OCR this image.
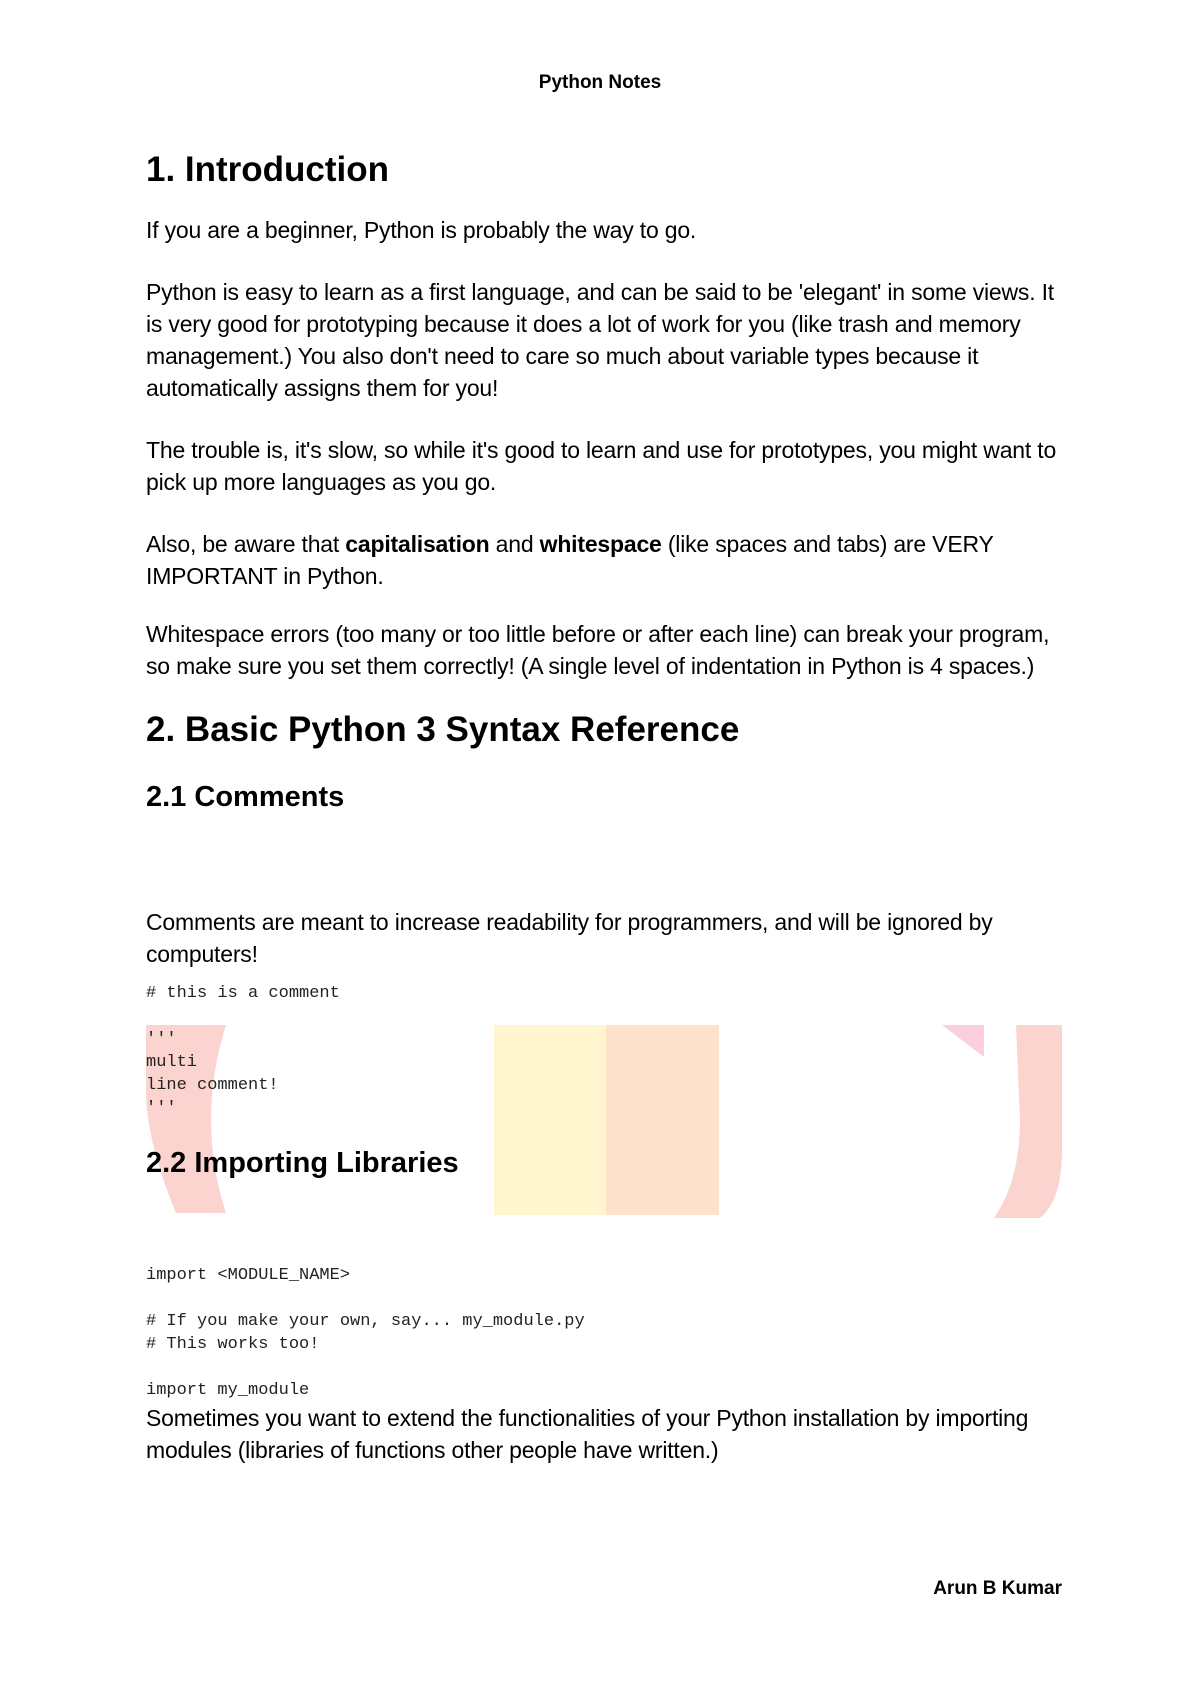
Python Notes
1. Introduction

If you are a beginner, Python is probably the way to go.

Python is easy to learn as a first language, and can be said to be 'elegant' in some views. It is very good for prototyping because it does a lot of work for you (like trash and memory management.) You also don't need to care so much about variable types because it automatically assigns them for you!

The trouble is, it's slow, so while it's good to learn and use for prototypes, you might want to pick up more languages as you go.

Also, be aware that capitalisation and whitespace (like spaces and tabs) are VERY IMPORTANT in Python.

Whitespace errors (too many or too little before or after each line) can break your program, so make sure you set them correctly! (A single level of indentation in Python is 4 spaces.)

2. Basic Python 3 Syntax Reference
2.1 Comments

Comments are meant to increase readability for programmers, and will be ignored by computers!

# this is a comment

'''
multi
line comment!
'''
2.2 Importing Libraries
import <MODULE_NAME>

# If you make your own, say... my_module.py
# This works too!
import my_module

Sometimes you want to extend the functionalities of your Python installation by importing modules (libraries of functions other people have written.)

Arun B Kumar
